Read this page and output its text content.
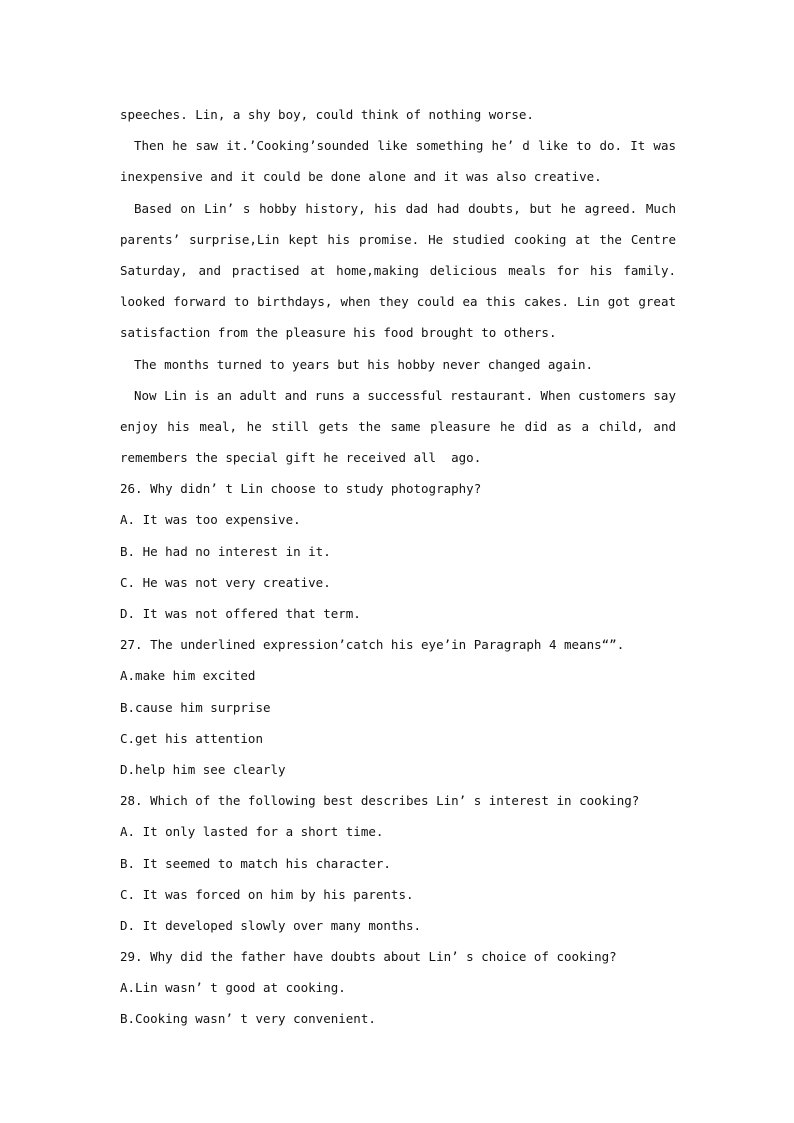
speeches. Lin, a shy boy, could think of nothing worse.
Then he saw it.’Cooking’sounded like something he’ d like to do. It was
inexpensive and it could be done alone and it was also creative.
Based on Lin’ s hobby history, his dad had doubts, but he agreed. Much
parents’ surprise,Lin kept his promise. He studied cooking at the Centre
Saturday, and practised at home,making delicious meals for his family.
looked forward to birthdays, when they could ea this cakes. Lin got great
satisfaction from the pleasure his food brought to others.
The months turned to years but his hobby never changed again.
Now Lin is an adult and runs a successful restaurant. When customers say
enjoy his meal, he still gets the same pleasure he did as a child, and
remembers the special gift he received all  ago.
26. Why didn’ t Lin choose to study photography?
A. It was too expensive.
B. He had no interest in it.
C. He was not very creative.
D. It was not offered that term.
27. The underlined expression’catch his eye’in Paragraph 4 means“”.
A.make him excited
B.cause him surprise
C.get his attention
D.help him see clearly
28. Which of the following best describes Lin’ s interest in cooking?
A. It only lasted for a short time.
B. It seemed to match his character.
C. It was forced on him by his parents.
D. It developed slowly over many months.
29. Why did the father have doubts about Lin’ s choice of cooking?
A.Lin wasn’ t good at cooking.
B.Cooking wasn’ t very convenient.
